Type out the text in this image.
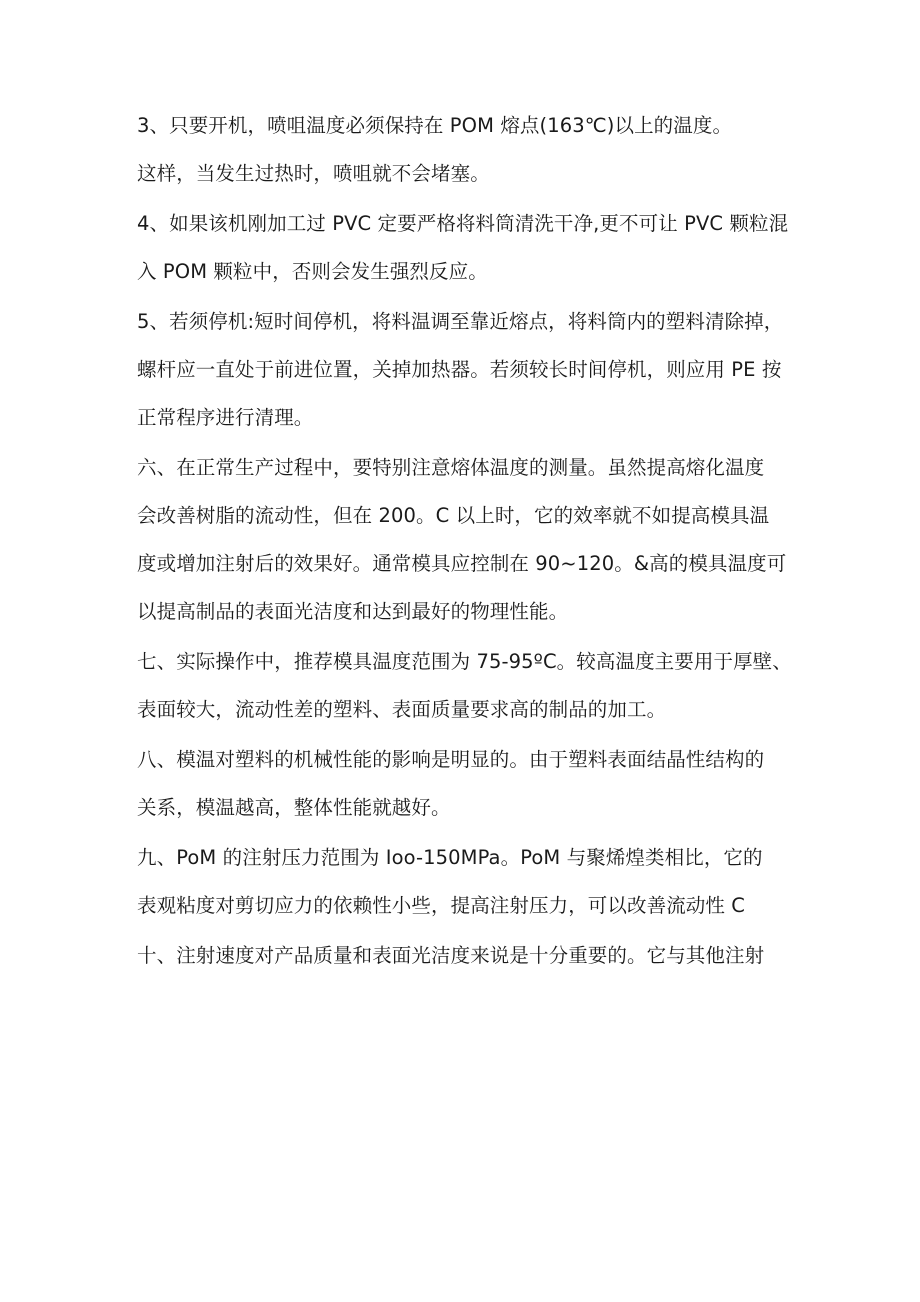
3、只要开机，喷咀温度必须保持在 POM 熔点(163℃)以上的温度。
这样，当发生过热时，喷咀就不会堵塞。
4、如果该机刚加工过 PVC 定要严格将料筒清洗干净,更不可让 PVC 颗粒混
入 POM 颗粒中，否则会发生强烈反应。
5、若须停机:短时间停机，将料温调至靠近熔点，将料筒内的塑料清除掉，
螺杆应一直处于前进位置，关掉加热器。若须较长时间停机，则应用 PE 按
正常程序进行清理。
六、在正常生产过程中，要特别注意熔体温度的测量。虽然提高熔化温度
会改善树脂的流动性，但在 200。C 以上时，它的效率就不如提高模具温
度或增加注射后的效果好。通常模具应控制在 90~120。&高的模具温度可
以提高制品的表面光洁度和达到最好的物理性能。
七、实际操作中，推荐模具温度范围为 75-95ºC。较高温度主要用于厚壁、
表面较大，流动性差的塑料、表面质量要求高的制品的加工。
八、模温对塑料的机械性能的影响是明显的。由于塑料表面结晶性结构的
关系，模温越高，整体性能就越好。
九、PoM 的注射压力范围为 Ioo-150MPa。PoM 与聚烯煌类相比，它的
表观粘度对剪切应力的依赖性小些，提高注射压力，可以改善流动性 C
十、注射速度对产品质量和表面光洁度来说是十分重要的。它与其他注射
